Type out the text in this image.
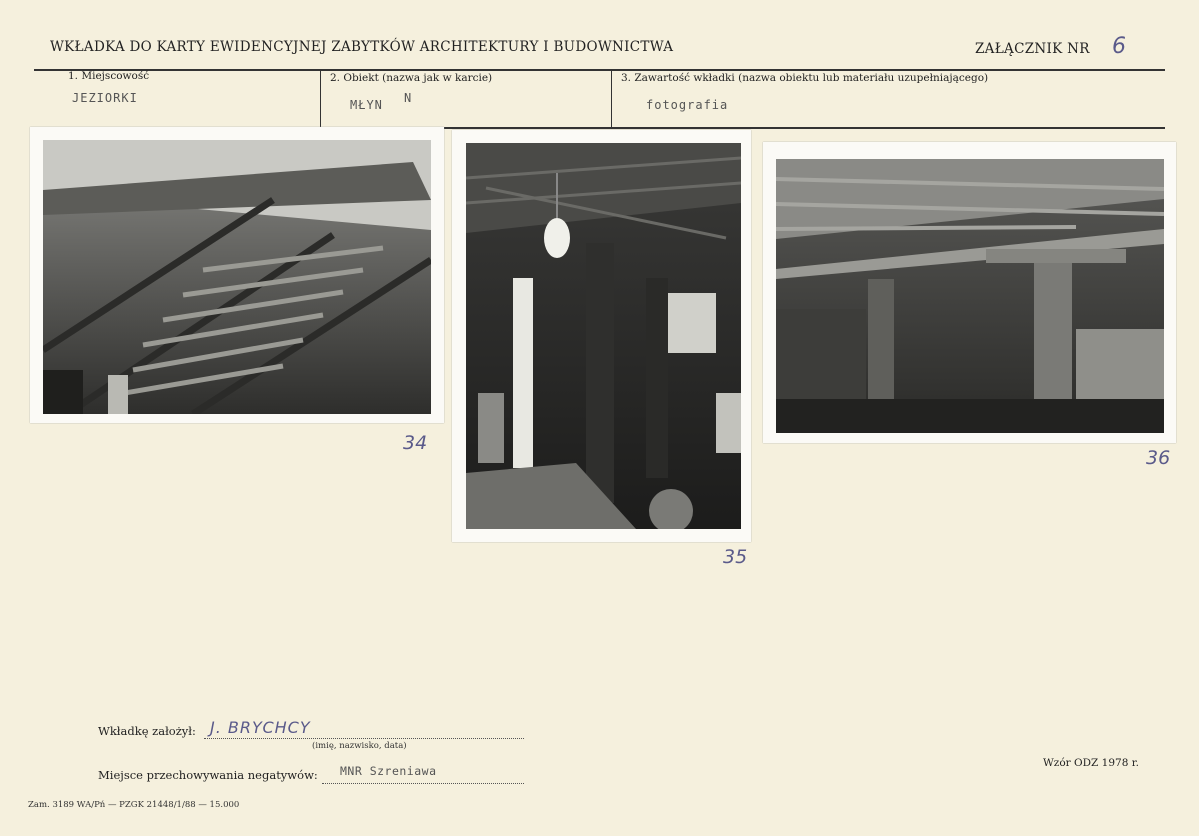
WKŁADKA DO KARTY EWIDENCYJNEJ ZABYTKÓW ARCHITEKTURY I BUDOWNICTWA	ZAŁĄCZNIK NR 6
1. Miejscowość
JEZIORKI
2. Obiekt (nazwa jak w karcie)
MŁYN N
3. Zawartość wkładki (nazwa obiektu lub materiału uzupełniającego)
fotografia
34
35
36
Wkładkę założył: J. BRYCHCY
(imię, nazwisko, data)
Miejsce przechowywania negatywów: MNR Szreniawa
Wzór ODZ 1978 r.
Zam. 3189 WA/Pń — PZGK 21448/1/88 — 15.000
